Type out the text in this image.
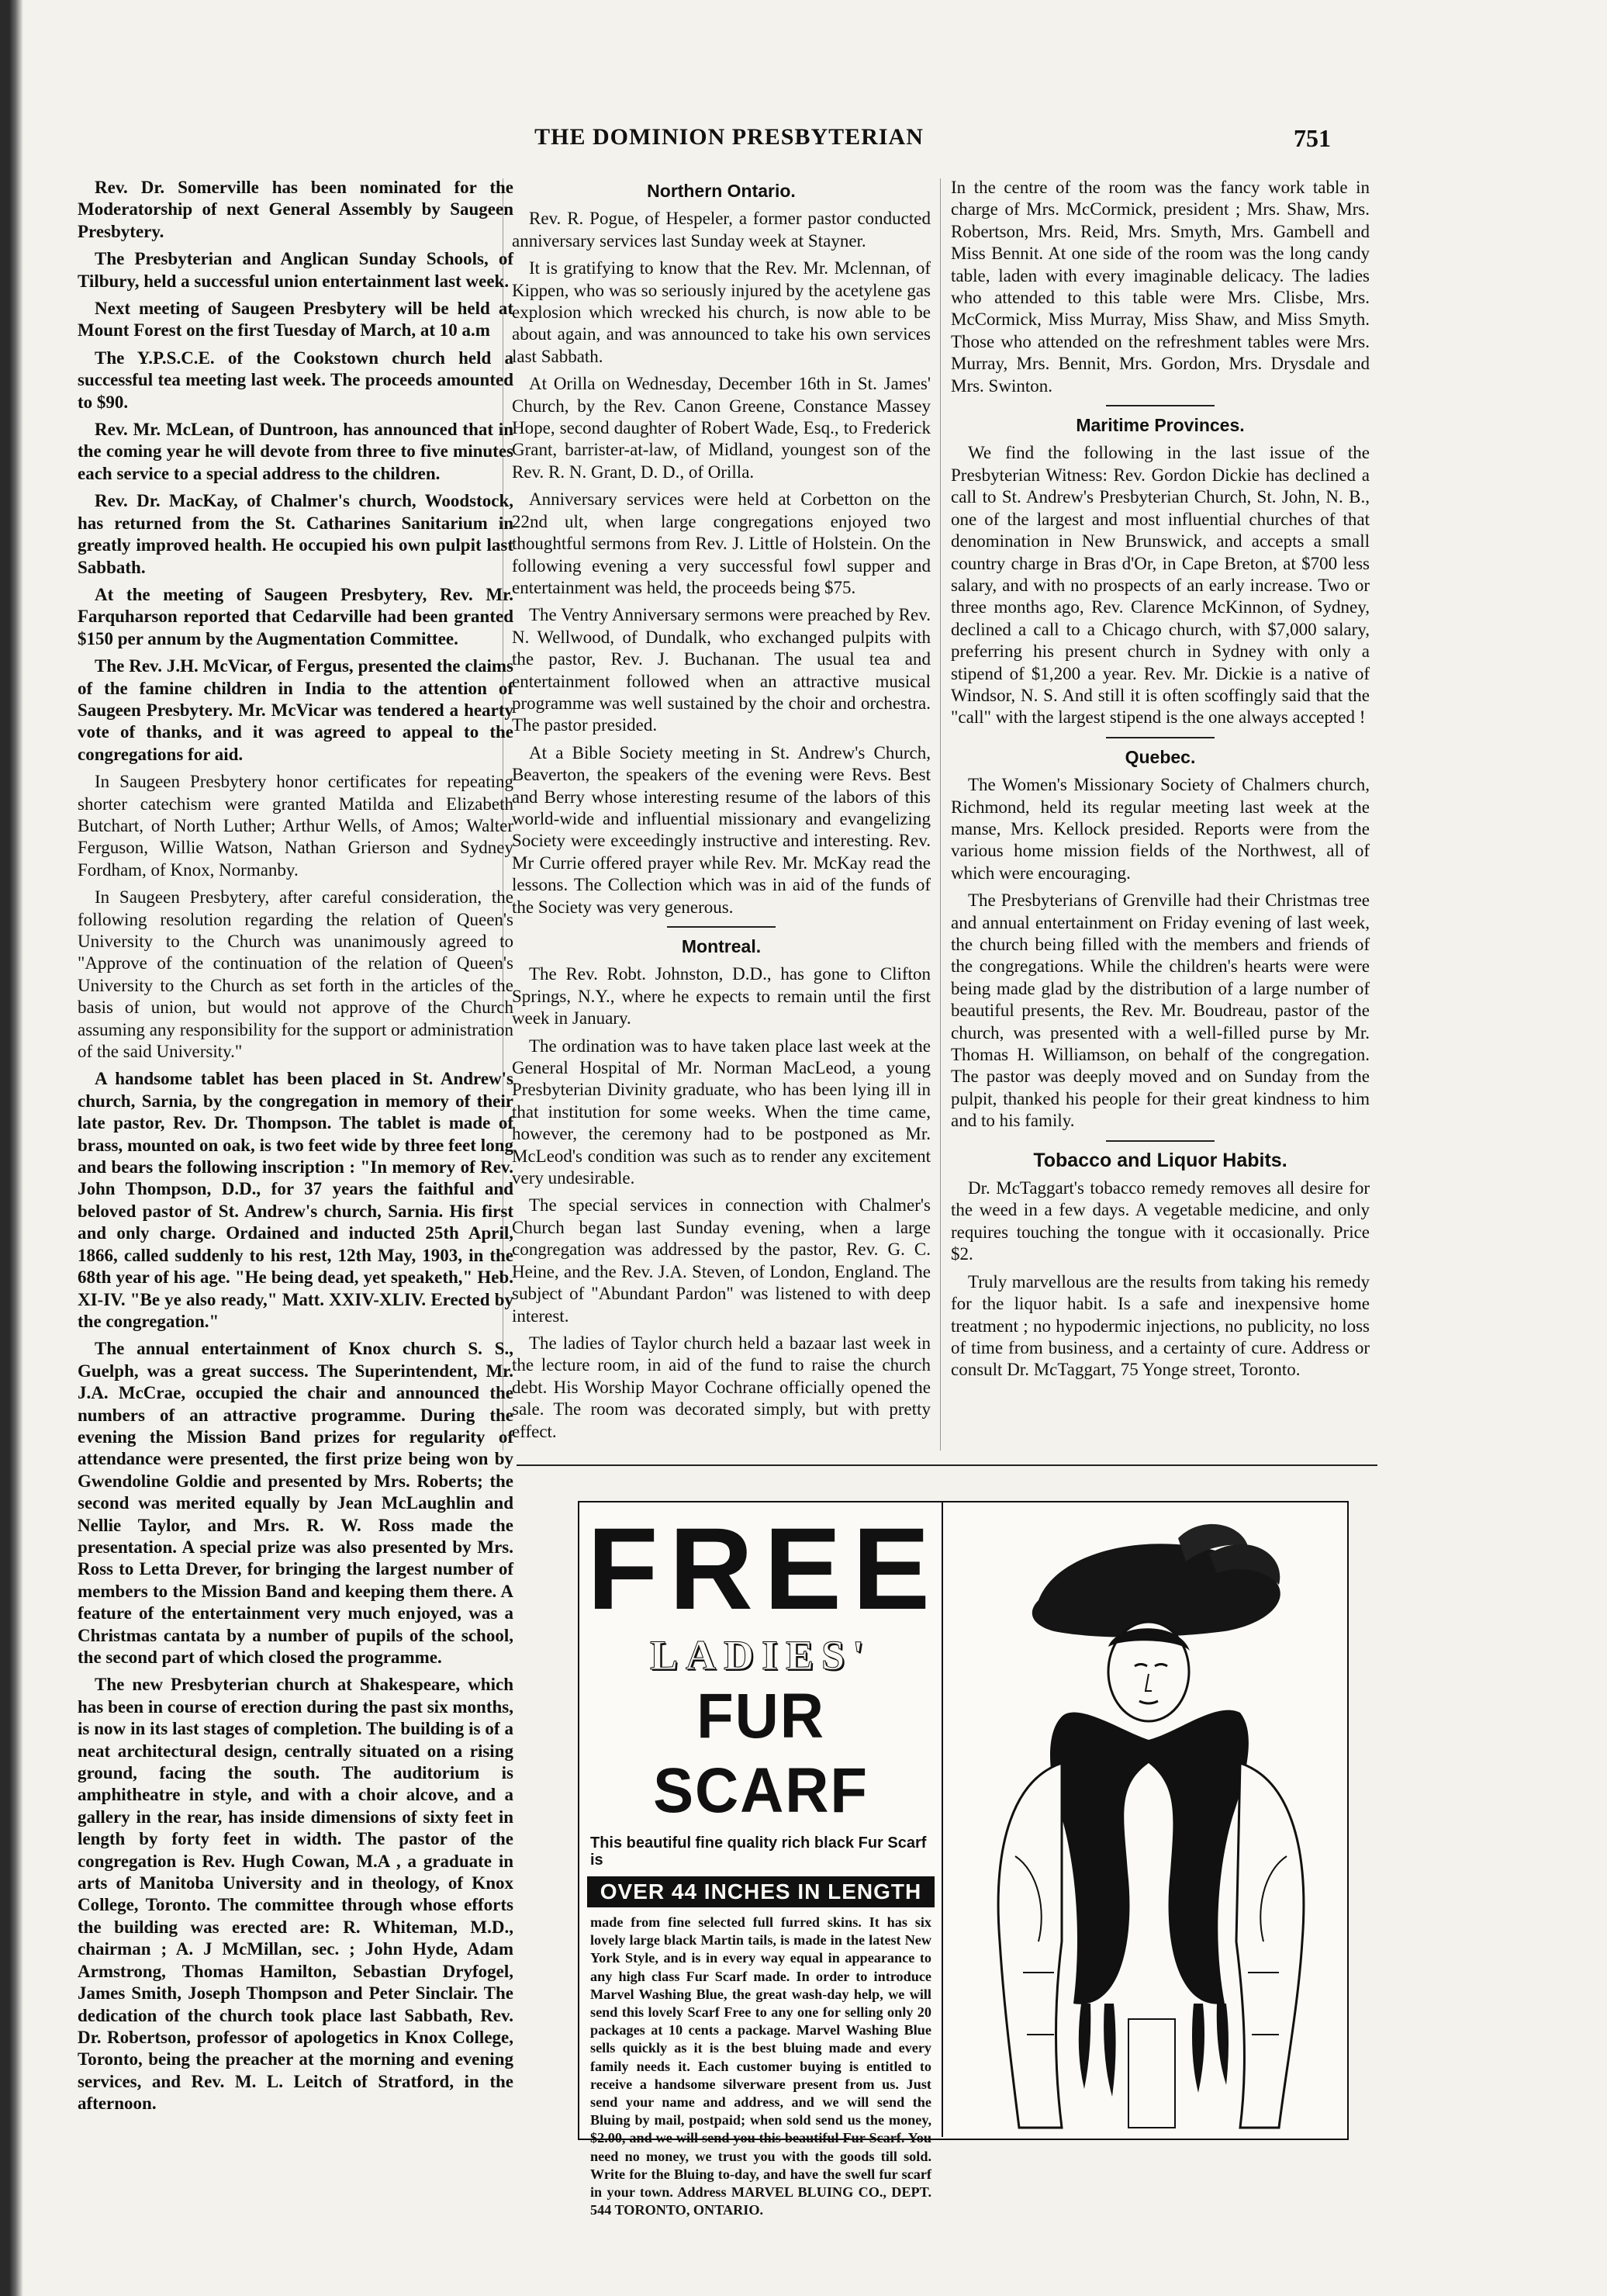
THE DOMINION PRESBYTERIAN	751

Rev. Dr. Somerville has been nominated for the Moderatorship of next General Assembly by Saugeen Presbytery.

The Presbyterian and Anglican Sunday Schools, of Tilbury, held a successful union entertainment last week.

Next meeting of Saugeen Presbytery will be held at Mount Forest on the first Tuesday of March, at 10 a.m

The Y.P.S.C.E. of the Cookstown church held a successful tea meeting last week. The proceeds amounted to $90.

Rev. Mr. McLean, of Duntroon, has announced that in the coming year he will devote from three to five minutes each service to a special address to the children.

Rev. Dr. MacKay, of Chalmer's church, Woodstock, has returned from the St. Catharines Sanitarium in greatly improved health. He occupied his own pulpit last Sabbath.

At the meeting of Saugeen Presbytery, Rev. Mr. Farquharson reported that Cedarville had been granted $150 per annum by the Augmentation Committee.

The Rev. J.H. McVicar, of Fergus, presented the claims of the famine children in India to the attention of Saugeen Presbytery. Mr. McVicar was tendered a hearty vote of thanks, and it was agreed to appeal to the congregations for aid.

In Saugeen Presbytery honor certificates for repeating shorter catechism were granted Matilda and Elizabeth Butchart, of North Luther; Arthur Wells, of Amos; Walter Ferguson, Willie Watson, Nathan Grierson and Sydney Fordham, of Knox, Normanby.

In Saugeen Presbytery, after careful consideration, the following resolution regarding the relation of Queen's University to the Church was unanimously agreed to "Approve of the continuation of the relation of Queen's University to the Church as set forth in the articles of the basis of union, but would not approve of the Church assuming any responsibility for the support or administration of the said University."

A handsome tablet has been placed in St. Andrew's church, Sarnia, by the congregation in memory of their late pastor, Rev. Dr. Thompson. The tablet is made of brass, mounted on oak, is two feet wide by three feet long and bears the following inscription : "In memory of Rev. John Thompson, D.D., for 37 years the faithful and beloved pastor of St. Andrew's church, Sarnia. His first and only charge. Ordained and inducted 25th April, 1866, called suddenly to his rest, 12th May, 1903, in the 68th year of his age. "He being dead, yet speaketh," Heb. XI-IV. "Be ye also ready," Matt. XXIV-XLIV. Erected by the congregation."

The annual entertainment of Knox church S. S., Guelph, was a great success. The Superintendent, Mr. J.A. McCrae, occupied the chair and announced the numbers of an attractive programme. During the evening the Mission Band prizes for regularity of attendance were presented, the first prize being won by Gwendoline Goldie and presented by Mrs. Roberts; the second was merited equally by Jean McLaughlin and Nellie Taylor, and Mrs. R. W. Ross made the presentation. A special prize was also presented by Mrs. Ross to Letta Drever, for bringing the largest number of members to the Mission Band and keeping them there. A feature of the entertainment very much enjoyed, was a Christmas cantata by a number of pupils of the school, the second part of which closed the programme.

The new Presbyterian church at Shakespeare, which has been in course of erection during the past six months, is now in its last stages of completion. The building is of a neat architectural design, centrally situated on a rising ground, facing the south. The auditorium is amphitheatre in style, and with a choir alcove, and a gallery in the rear, has inside dimensions of sixty feet in length by forty feet in width. The pastor of the congregation is Rev. Hugh Cowan, M.A , a graduate in arts of Manitoba University and in theology, of Knox College, Toronto. The committee through whose efforts the building was erected are: R. Whiteman, M.D., chairman ; A. J McMillan, sec. ; John Hyde, Adam Armstrong, Thomas Hamilton, Sebastian Dryfogel, James Smith, Joseph Thompson and Peter Sinclair. The dedication of the church took place last Sabbath, Rev. Dr. Robertson, professor of apologetics in Knox College, Toronto, being the preacher at the morning and evening services, and Rev. M. L. Leitch of Stratford, in the afternoon.

Northern Ontario.

Rev. R. Pogue, of Hespeler, a former pastor conducted anniversary services last Sunday week at Stayner.

It is gratifying to know that the Rev. Mr. Mclennan, of Kippen, who was so seriously injured by the acetylene gas explosion which wrecked his church, is now able to be about again, and was announced to take his own services last Sabbath.

At Orilla on Wednesday, December 16th in St. James' Church, by the Rev. Canon Greene, Constance Massey Hope, second daughter of Robert Wade, Esq., to Frederick Grant, barrister-at-law, of Midland, youngest son of the Rev. R. N. Grant, D. D., of Orilla.

Anniversary services were held at Corbetton on the 22nd ult, when large congregations enjoyed two thoughtful sermons from Rev. J. Little of Holstein. On the following evening a very successful fowl supper and entertainment was held, the proceeds being $75.

The Ventry Anniversary sermons were preached by Rev. N. Wellwood, of Dundalk, who exchanged pulpits with the pastor, Rev. J. Buchanan. The usual tea and entertainment followed when an attractive musical programme was well sustained by the choir and orchestra. The pastor presided.

At a Bible Society meeting in St. Andrew's Church, Beaverton, the speakers of the evening were Revs. Best and Berry whose interesting resume of the labors of this world-wide and influential missionary and evangelizing Society were exceedingly instructive and interesting. Rev. Mr Currie offered prayer while Rev. Mr. McKay read the lessons. The Collection which was in aid of the funds of the Society was very generous.

Montreal.

The Rev. Robt. Johnston, D.D., has gone to Clifton Springs, N.Y., where he expects to remain until the first week in January.

The ordination was to have taken place last week at the General Hospital of Mr. Norman MacLeod, a young Presbyterian Divinity graduate, who has been lying ill in that institution for some weeks. When the time came, however, the ceremony had to be postponed as Mr. McLeod's condition was such as to render any excitement very undesirable.

The special services in connection with Chalmer's Church began last Sunday evening, when a large congregation was addressed by the pastor, Rev. G. C. Heine, and the Rev. J.A. Steven, of London, England. The subject of "Abundant Pardon" was listened to with deep interest.

The ladies of Taylor church held a bazaar last week in the lecture room, in aid of the fund to raise the church debt. His Worship Mayor Cochrane officially opened the sale. The room was decorated simply, but with pretty effect.

In the centre of the room was the fancy work table in charge of Mrs. McCormick, president ; Mrs. Shaw, Mrs. Robertson, Mrs. Reid, Mrs. Smyth, Mrs. Gambell and Miss Bennit. At one side of the room was the long candy table, laden with every imaginable delicacy. The ladies who attended to this table were Mrs. Clisbe, Mrs. McCormick, Miss Murray, Miss Shaw, and Miss Smyth. Those who attended on the refreshment tables were Mrs. Murray, Mrs. Bennit, Mrs. Gordon, Mrs. Drysdale and Mrs. Swinton.

Maritime Provinces.

We find the following in the last issue of the Presbyterian Witness: Rev. Gordon Dickie has declined a call to St. Andrew's Presbyterian Church, St. John, N. B., one of the largest and most influential churches of that denomination in New Brunswick, and accepts a small country charge in Bras d'Or, in Cape Breton, at $700 less salary, and with no prospects of an early increase. Two or three months ago, Rev. Clarence McKinnon, of Sydney, declined a call to a Chicago church, with $7,000 salary, preferring his present church in Sydney with only a stipend of $1,200 a year. Rev. Mr. Dickie is a native of Windsor, N. S. And still it is often scoffingly said that the "call" with the largest stipend is the one always accepted !

Quebec.

The Women's Missionary Society of Chalmers church, Richmond, held its regular meeting last week at the manse, Mrs. Kellock presided. Reports were from the various home mission fields of the Northwest, all of which were encouraging.

The Presbyterians of Grenville had their Christmas tree and annual entertainment on Friday evening of last week, the church being filled with the members and friends of the congregations. While the children's hearts were were being made glad by the distribution of a large number of beautiful presents, the Rev. Mr. Boudreau, pastor of the church, was presented with a well-filled purse by Mr. Thomas H. Williamson, on behalf of the congregation. The pastor was deeply moved and on Sunday from the pulpit, thanked his people for their great kindness to him and to his family.

Tobacco and Liquor Habits.

Dr. McTaggart's tobacco remedy removes all desire for the weed in a few days. A vegetable medicine, and only requires touching the tongue with it occasionally. Price $2.

Truly marvellous are the results from taking his remedy for the liquor habit. Is a safe and inexpensive home treatment ; no hypodermic injections, no publicity, no loss of time from business, and a certainty of cure. Address or consult Dr. McTaggart, 75 Yonge street, Toronto.

FREE
LADIES'
FUR SCARF
This beautiful fine quality rich black Fur Scarf is
OVER 44 INCHES IN LENGTH
made from fine selected full furred skins. It has six lovely large black Martin tails, is made in the latest New York Style, and is in every way equal in appearance to any high class Fur Scarf made. In order to introduce Marvel Washing Blue, the great wash-day help, we will send this lovely Scarf Free to any one for selling only 20 packages at 10 cents a package. Marvel Washing Blue sells quickly as it is the best bluing made and every family needs it. Each customer buying is entitled to receive a handsome silverware present from us. Just send your name and address, and we will send the Bluing by mail, postpaid; when sold send us the money, $2.00, and we will send you this beautiful Fur Scarf. You need no money, we trust you with the goods till sold. Write for the Bluing to-day, and have the swell fur scarf in your town. Address MARVEL BLUING CO., DEPT. 544 TORONTO, ONTARIO.
